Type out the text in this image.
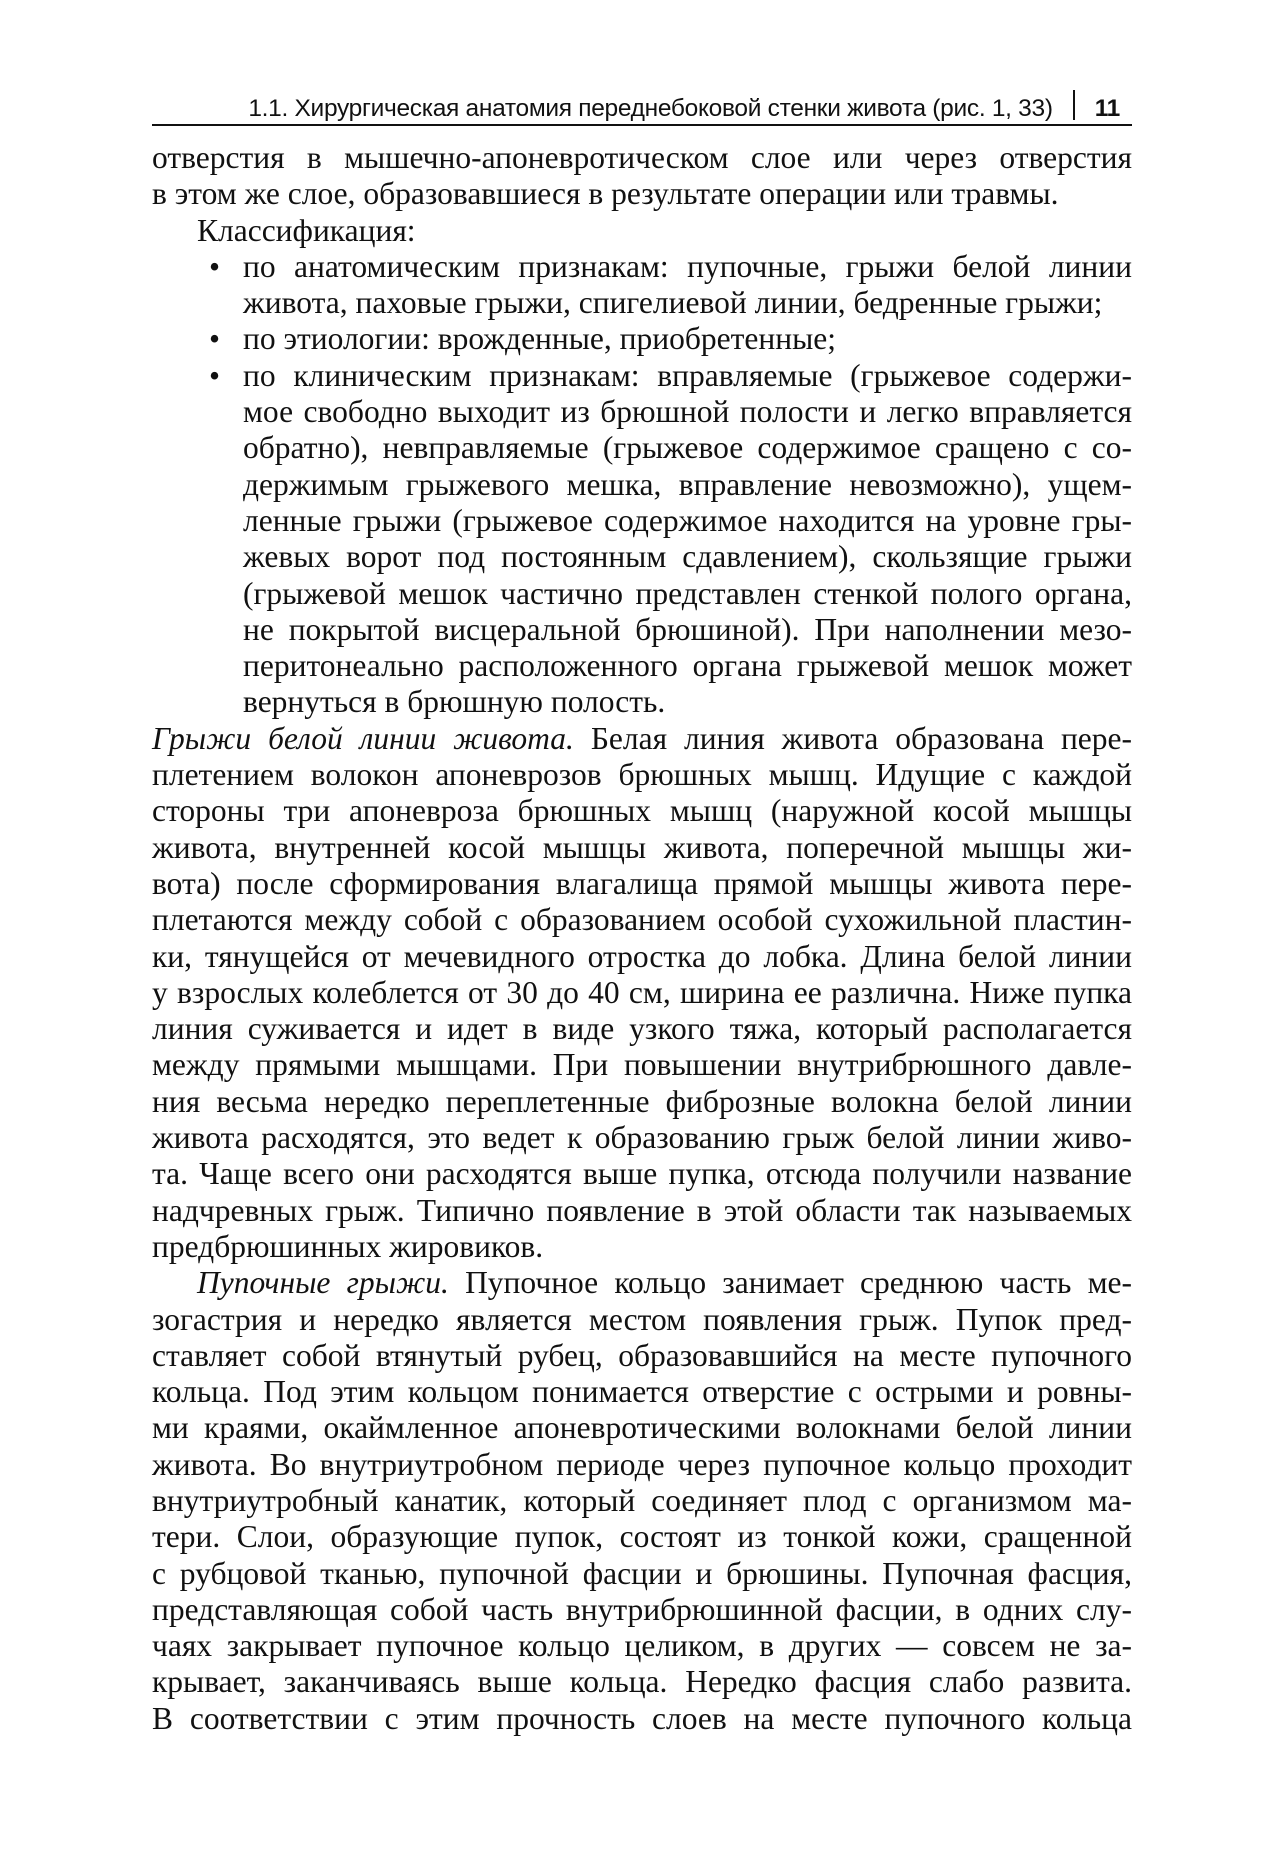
1.1. Хирургическая анатомия переднебоковой стенки живота (рис. 1, 33) 11

отверстия в мышечно-апоневротическом слое или через отверстия
в этом же слое, образовавшиеся в результате операции или травмы.

Классификация:

• по анатомическим признакам: пупочные, грыжи белой линии
живота, паховые грыжи, спигелиевой линии, бедренные грыжи;
• по этиологии: врожденные, приобретенные;
• по клиническим признакам: вправляемые (грыжевое содержи-
мое свободно выходит из брюшной полости и легко вправляется
обратно), невправляемые (грыжевое содержимое сращено с со-
держимым грыжевого мешка, вправление невозможно), ущем-
ленные грыжи (грыжевое содержимое находится на уровне гры-
жевых ворот под постоянным сдавлением), скользящие грыжи
(грыжевой мешок частично представлен стенкой полого органа,
не покрытой висцеральной брюшиной). При наполнении мезо-
перитонеально расположенного органа грыжевой мешок может
вернуться в брюшную полость.

Грыжи белой линии живота. Белая линия живота образована пере-
плетением волокон апоневрозов брюшных мышц. Идущие с каждой
стороны три апоневроза брюшных мышц (наружной косой мышцы
живота, внутренней косой мышцы живота, поперечной мышцы жи-
вота) после сформирования влагалища прямой мышцы живота пере-
плетаются между собой с образованием особой сухожильной пластин-
ки, тянущейся от мечевидного отростка до лобка. Длина белой линии
у взрослых колеблется от 30 до 40 см, ширина ее различна. Ниже пупка
линия суживается и идет в виде узкого тяжа, который располагается
между прямыми мышцами. При повышении внутрибрюшного давле-
ния весьма нередко переплетенные фиброзные волокна белой линии
живота расходятся, это ведет к образованию грыж белой линии живо-
та. Чаще всего они расходятся выше пупка, отсюда получили название
надчревных грыж. Типично появление в этой области так называемых
предбрюшинных жировиков.

Пупочные грыжи. Пупочное кольцо занимает среднюю часть ме-
зогастрия и нередко является местом появления грыж. Пупок пред-
ставляет собой втянутый рубец, образовавшийся на месте пупочного
кольца. Под этим кольцом понимается отверстие с острыми и ровны-
ми краями, окаймленное апоневротическими волокнами белой линии
живота. Во внутриутробном периоде через пупочное кольцо проходит
внутриутробный канатик, который соединяет плод с организмом ма-
тери. Слои, образующие пупок, состоят из тонкой кожи, сращенной
с рубцовой тканью, пупочной фасции и брюшины. Пупочная фасция,
представляющая собой часть внутрибрюшинной фасции, в одних слу-
чаях закрывает пупочное кольцо целиком, в других — совсем не за-
крывает, заканчиваясь выше кольца. Нередко фасция слабо развита.
В соответствии с этим прочность слоев на месте пупочного кольца
